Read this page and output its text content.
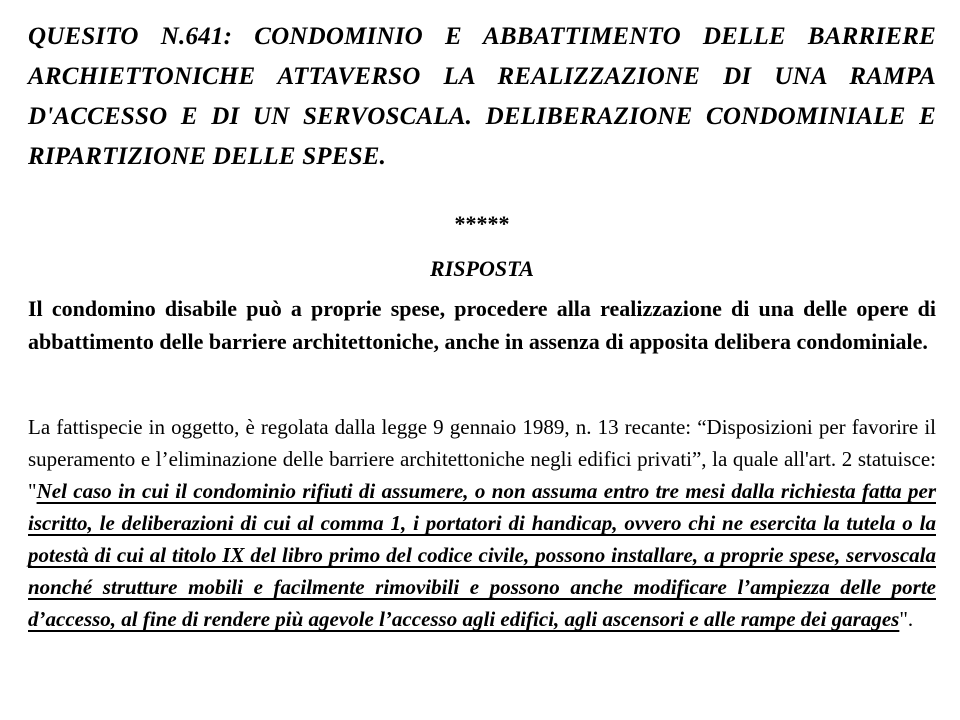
QUESITO N.641: CONDOMINIO E ABBATTIMENTO DELLE BARRIERE ARCHIETTONICHE ATTAVERSO LA REALIZZAZIONE DI UNA RAMPA D'ACCESSO E DI UN SERVOSCALA. DELIBERAZIONE CONDOMINIALE E RIPARTIZIONE DELLE SPESE.
*****
RISPOSTA
Il condomino disabile può a proprie spese, procedere alla realizzazione di una delle opere di abbattimento delle barriere architettoniche, anche in assenza di apposita delibera condominiale.
La fattispecie in oggetto, è regolata dalla legge 9 gennaio 1989, n. 13 recante: “Disposizioni per favorire il superamento e l’eliminazione delle barriere architettoniche negli edifici privati”, la quale all'art. 2 statuisce: "Nel caso in cui il condominio rifiuti di assumere, o non assuma entro tre mesi dalla richiesta fatta per iscritto, le deliberazioni di cui al comma 1, i portatori di handicap, ovvero chi ne esercita la tutela o la potestà di cui al titolo IX del libro primo del codice civile, possono installare, a proprie spese, servoscala nonché strutture mobili e facilmente rimovibili e possono anche modificare l’ampiezza delle porte d’accesso, al fine di rendere più agevole l’accesso agli edifici, agli ascensori e alle rampe dei garages".
